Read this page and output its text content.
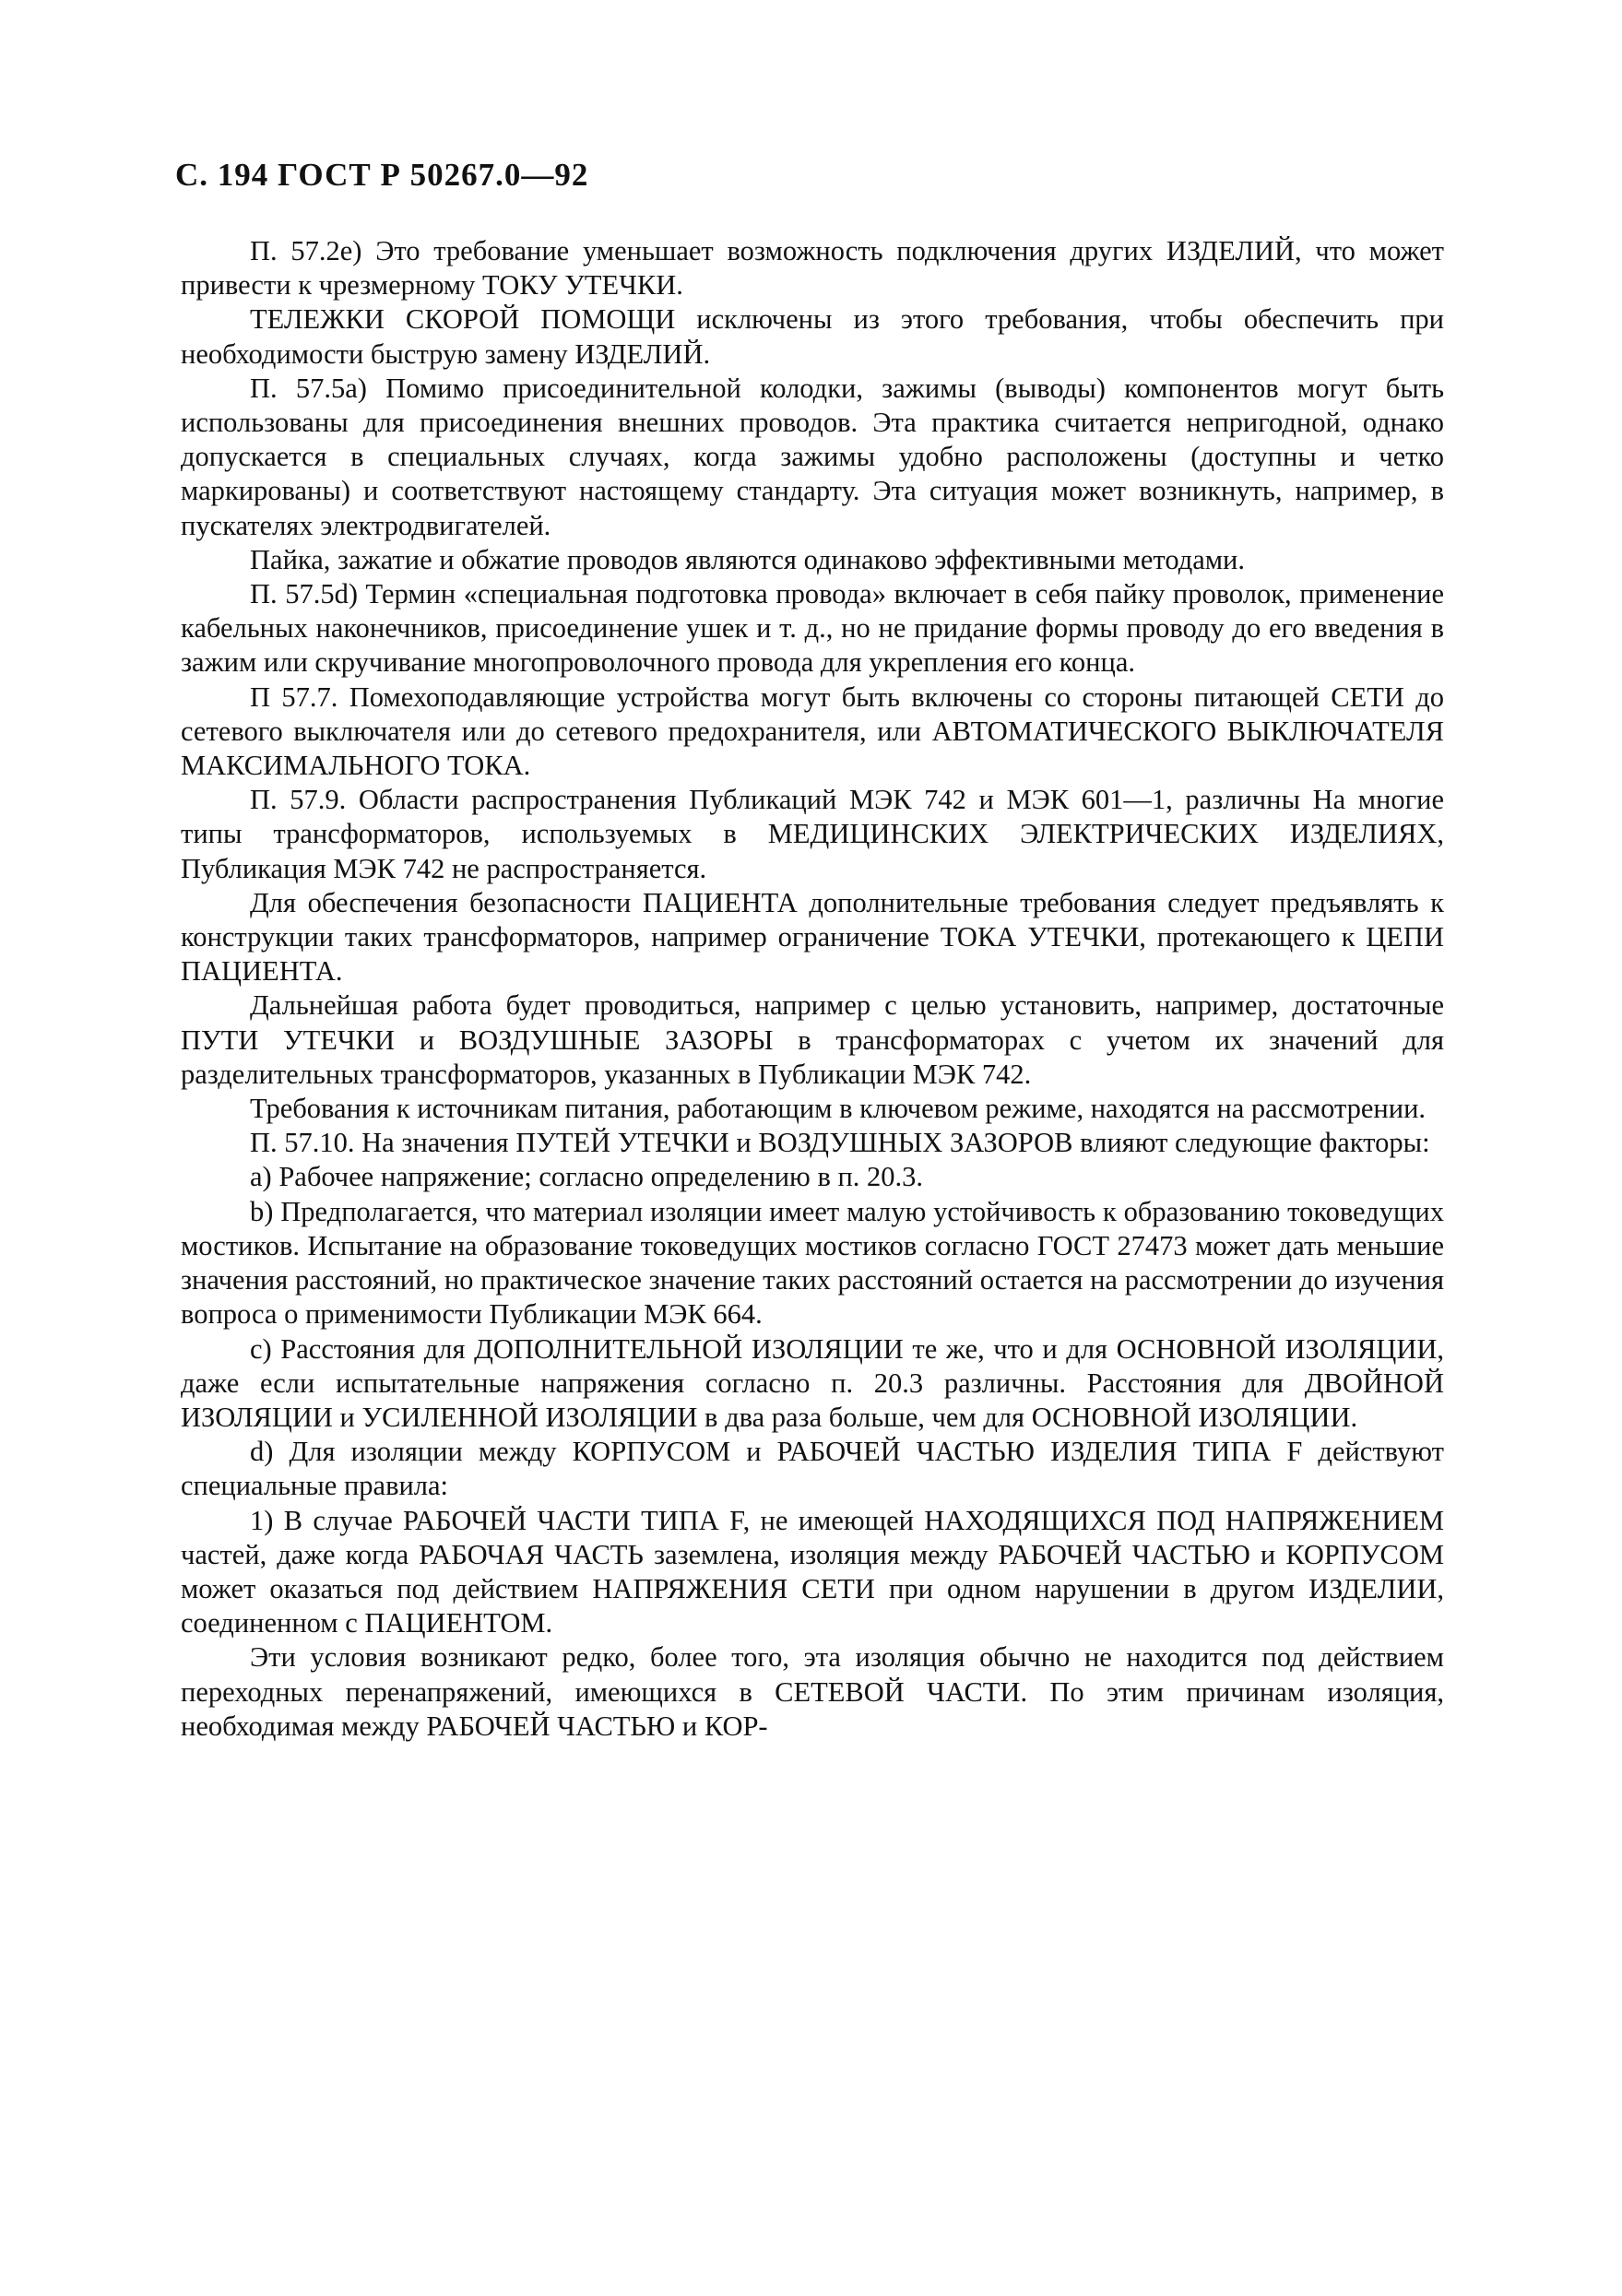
С. 194 ГОСТ Р 50267.0—92

П. 57.2е) Это требование уменьшает возможность подключения других ИЗДЕЛИЙ, что может привести к чрезмерному ТОКУ УТЕЧКИ.

ТЕЛЕЖКИ СКОРОЙ ПОМОЩИ исключены из этого требования, чтобы обеспечить при необходимости быструю замену ИЗДЕЛИЙ.

П. 57.5а) Помимо присоединительной колодки, зажимы (выводы) компонентов могут быть использованы для присоединения внешних проводов. Эта практика считается непригодной, однако допускается в специальных случаях, когда зажимы удобно расположены (доступны и четко маркированы) и соответствуют настоящему стандарту. Эта ситуация может возникнуть, например, в пускателях электродвигателей.

Пайка, зажатие и обжатие проводов являются одинаково эффективными методами.

П. 57.5d) Термин «специальная подготовка провода» включает в себя пайку проволок, применение кабельных наконечников, присоединение ушек и т. д., но не придание формы проводу до его введения в зажим или скручивание многопроволочного провода для укрепления его конца.

П 57.7. Помехоподавляющие устройства могут быть включены со стороны питающей СЕТИ до сетевого выключателя или до сетевого предохранителя, или АВТОМАТИЧЕСКОГО ВЫКЛЮЧАТЕЛЯ МАКСИМАЛЬНОГО ТОКА.

П. 57.9. Области распространения Публикаций МЭК 742 и МЭК 601—1, различны На многие типы трансформаторов, используемых в МЕДИЦИНСКИХ ЭЛЕКТРИЧЕСКИХ ИЗДЕЛИЯХ, Публикация МЭК 742 не распространяется.

Для обеспечения безопасности ПАЦИЕНТА дополнительные требования следует предъявлять к конструкции таких трансформаторов, например ограничение ТОКА УТЕЧКИ, протекающего к ЦЕПИ ПАЦИЕНТА.

Дальнейшая работа будет проводиться, например с целью установить, например, достаточные ПУТИ УТЕЧКИ и ВОЗДУШНЫЕ ЗАЗОРЫ в трансформаторах с учетом их значений для разделительных трансформаторов, указанных в Публикации МЭК 742.

Требования к источникам питания, работающим в ключевом режиме, находятся на рассмотрении.

П. 57.10. На значения ПУТЕЙ УТЕЧКИ и ВОЗДУШНЫХ ЗАЗОРОВ влияют следующие факторы:

a) Рабочее напряжение; согласно определению в п. 20.3.

b) Предполагается, что материал изоляции имеет малую устойчивость к образованию токоведущих мостиков. Испытание на образование токоведущих мостиков согласно ГОСТ 27473 может дать меньшие значения расстояний, но практическое значение таких расстояний остается на рассмотрении до изучения вопроса о применимости Публикации МЭК 664.

c) Расстояния для ДОПОЛНИТЕЛЬНОЙ ИЗОЛЯЦИИ те же, что и для ОСНОВНОЙ ИЗОЛЯЦИИ, даже если испытательные напряжения согласно п. 20.3 различны. Расстояния для ДВОЙНОЙ ИЗОЛЯЦИИ и УСИЛЕННОЙ ИЗОЛЯЦИИ в два раза больше, чем для ОСНОВНОЙ ИЗОЛЯЦИИ.

d) Для изоляции между КОРПУСОМ и РАБОЧЕЙ ЧАСТЬЮ ИЗДЕЛИЯ ТИПА F действуют специальные правила:

1) В случае РАБОЧЕЙ ЧАСТИ ТИПА F, не имеющей НАХОДЯЩИХСЯ ПОД НАПРЯЖЕНИЕМ частей, даже когда РАБОЧАЯ ЧАСТЬ заземлена, изоляция между РАБОЧЕЙ ЧАСТЬЮ и КОРПУСОМ может оказаться под действием НАПРЯЖЕНИЯ СЕТИ при одном нарушении в другом ИЗДЕЛИИ, соединенном с ПАЦИЕНТОМ.

Эти условия возникают редко, более того, эта изоляция обычно не находится под действием переходных перенапряжений, имеющихся в СЕТЕВОЙ ЧАСТИ. По этим причинам изоляция, необходимая между РАБОЧЕЙ ЧАСТЬЮ и КОР-
